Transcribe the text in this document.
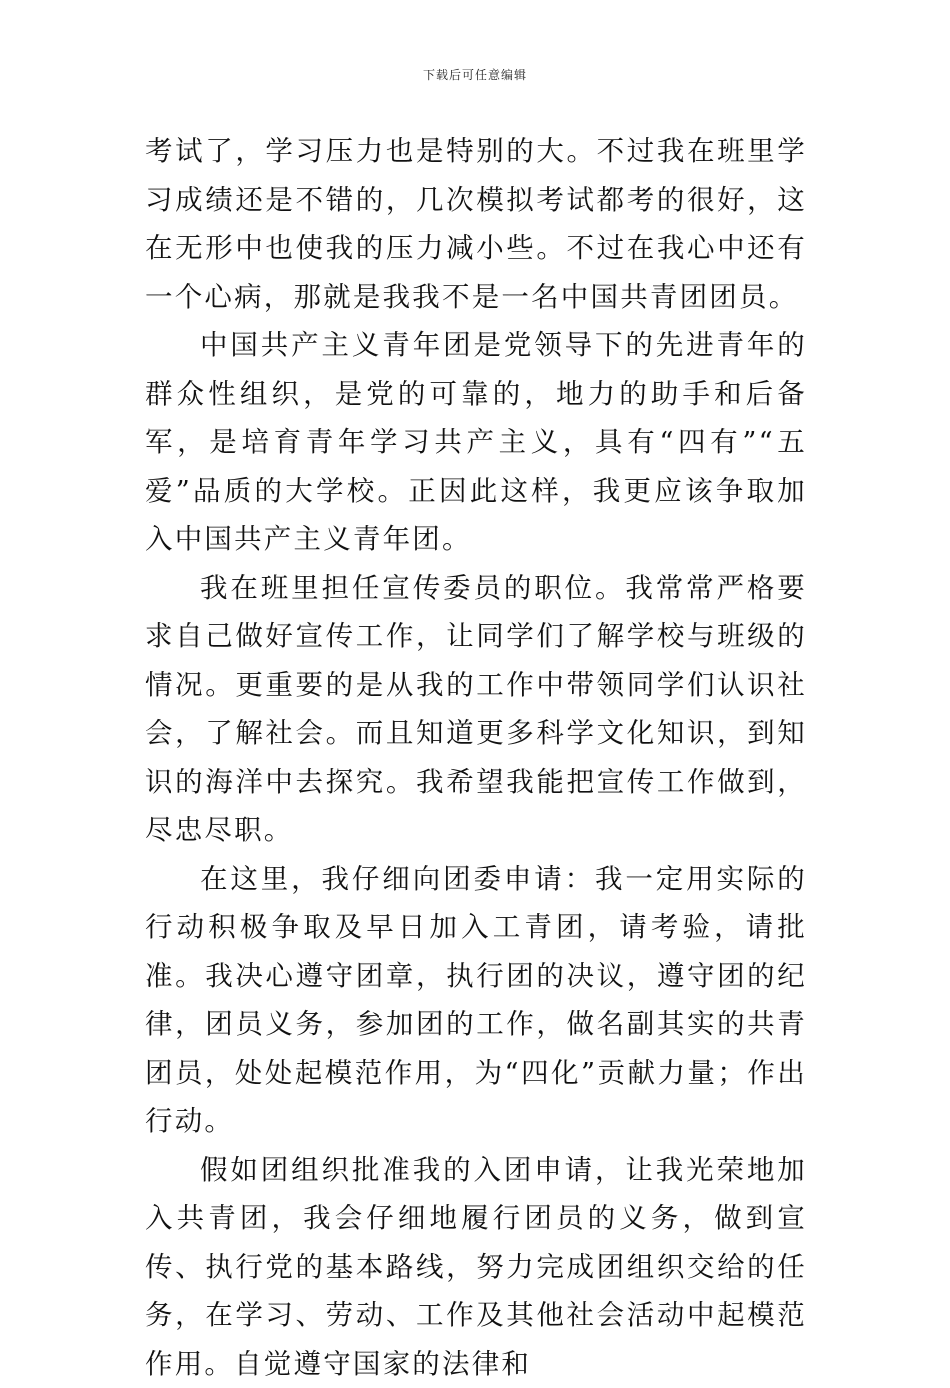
下载后可任意编辑

考试了，学习压力也是特别的大。不过我在班里学习成绩还是不错的，几次模拟考试都考的很好，这在无形中也使我的压力减小些。不过在我心中还有一个心病，那就是我我不是一名中国共青团团员。

中国共产主义青年团是党领导下的先进青年的群众性组织，是党的可靠的，地力的助手和后备军，是培育青年学习共产主义，具有“四有”“五爱”品质的大学校。正因此这样，我更应该争取加入中国共产主义青年团。

我在班里担任宣传委员的职位。我常常严格要求自己做好宣传工作，让同学们了解学校与班级的情况。更重要的是从我的工作中带领同学们认识社会，了解社会。而且知道更多科学文化知识，到知识的海洋中去探究。我希望我能把宣传工作做到，尽忠尽职。

在这里，我仔细向团委申请：我一定用实际的行动积极争取及早日加入工青团，请考验，请批准。我决心遵守团章，执行团的决议，遵守团的纪律，团员义务，参加团的工作，做名副其实的共青团员，处处起模范作用，为“四化”贡献力量；作出行动。

假如团组织批准我的入团申请，让我光荣地加入共青团，我会仔细地履行团员的义务，做到宣传、执行党的基本路线，努力完成团组织交给的任务，在学习、劳动、工作及其他社会活动中起模范作用。自觉遵守国家的法律和
